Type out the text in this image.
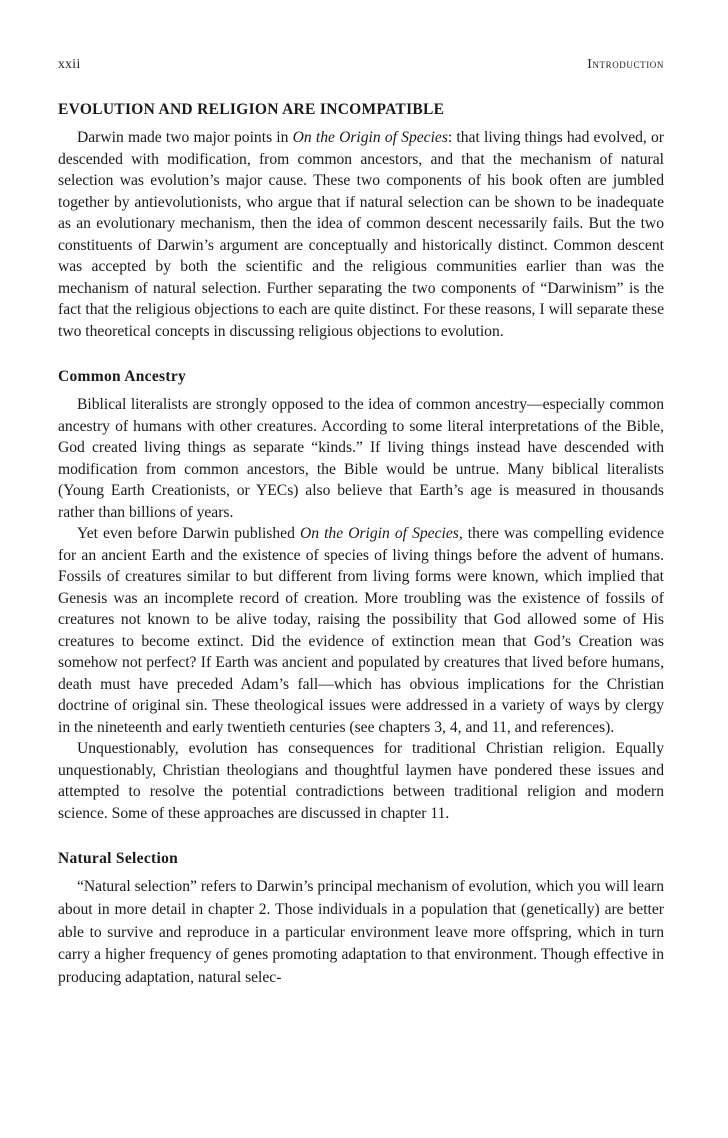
xxii	Introduction
EVOLUTION AND RELIGION ARE INCOMPATIBLE

Darwin made two major points in On the Origin of Species: that living things had evolved, or descended with modification, from common ancestors, and that the mechanism of natural selection was evolution’s major cause. These two components of his book often are jumbled together by antievolutionists, who argue that if natural selection can be shown to be inadequate as an evolutionary mechanism, then the idea of common descent necessarily fails. But the two constituents of Darwin’s argument are conceptually and historically distinct. Common descent was accepted by both the scientific and the religious communities earlier than was the mechanism of natural selection. Further separating the two components of “Darwinism” is the fact that the religious objections to each are quite distinct. For these reasons, I will separate these two theoretical concepts in discussing religious objections to evolution.

Common Ancestry

Biblical literalists are strongly opposed to the idea of common ancestry—especially common ancestry of humans with other creatures. According to some literal interpretations of the Bible, God created living things as separate “kinds.” If living things instead have descended with modification from common ancestors, the Bible would be untrue. Many biblical literalists (Young Earth Creationists, or YECs) also believe that Earth’s age is measured in thousands rather than billions of years.

Yet even before Darwin published On the Origin of Species, there was compelling evidence for an ancient Earth and the existence of species of living things before the advent of humans. Fossils of creatures similar to but different from living forms were known, which implied that Genesis was an incomplete record of creation. More troubling was the existence of fossils of creatures not known to be alive today, raising the possibility that God allowed some of His creatures to become extinct. Did the evidence of extinction mean that God’s Creation was somehow not perfect? If Earth was ancient and populated by creatures that lived before humans, death must have preceded Adam’s fall—which has obvious implications for the Christian doctrine of original sin. These theological issues were addressed in a variety of ways by clergy in the nineteenth and early twentieth centuries (see chapters 3, 4, and 11, and references).

Unquestionably, evolution has consequences for traditional Christian religion. Equally unquestionably, Christian theologians and thoughtful laymen have pondered these issues and attempted to resolve the potential contradictions between traditional religion and modern science. Some of these approaches are discussed in chapter 11.

Natural Selection

“Natural selection” refers to Darwin’s principal mechanism of evolution, which you will learn about in more detail in chapter 2. Those individuals in a population that (genetically) are better able to survive and reproduce in a particular environment leave more offspring, which in turn carry a higher frequency of genes promoting adaptation to that environment. Though effective in producing adaptation, natural selec-
